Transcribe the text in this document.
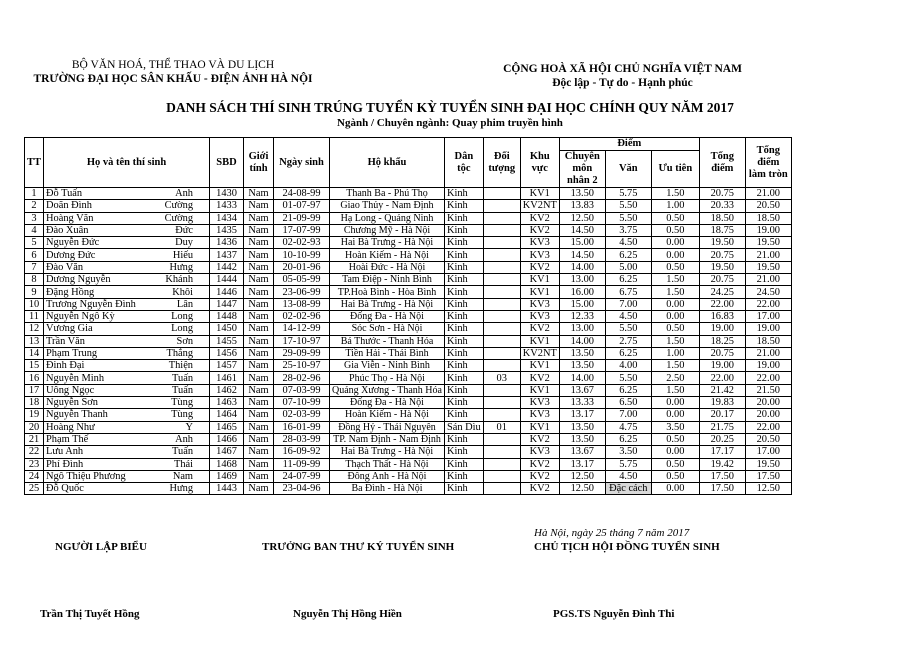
BỘ VĂN HOÁ, THỂ THAO VÀ DU LỊCH
TRƯỜNG ĐẠI HỌC SÂN KHẤU - ĐIỆN ẢNH HÀ NỘI
CỘNG HOÀ XÃ HỘI CHỦ NGHĨA VIỆT NAM
Độc lập - Tự do - Hạnh phúc
DANH SÁCH THÍ SINH TRÚNG TUYỂN KỲ TUYỂN SINH ĐẠI HỌC CHÍNH QUY NĂM 2017
Ngành / Chuyên ngành: Quay phim truyền hình
TT	Họ và tên thí sinh	SBD	Giới tính	Ngày sinh	Hộ khẩu	Dân tộc	Đối tượng	Khu vực	Điểm			Tổng điểm	Tổng điểm làm tròn
									Chuyên môn nhân 2	Văn	Ưu tiên		
1	Đỗ Tuấn Anh	1430	Nam	24-08-99	Thanh Ba - Phú Thọ	Kinh		KV1	13.50	5.75	1.50	20.75	21.00
2	Doãn Đình Cường	1433	Nam	01-07-97	Giao Thủy - Nam Định	Kinh		KV2NT	13.83	5.50	1.00	20.33	20.50
3	Hoàng Văn Cường	1434	Nam	21-09-99	Hạ Long - Quảng Ninh	Kinh		KV2	12.50	5.50	0.50	18.50	18.50
4	Đào Xuân Đức	1435	Nam	17-07-99	Chương Mỹ - Hà Nội	Kinh		KV2	14.50	3.75	0.50	18.75	19.00
5	Nguyễn Đức Duy	1436	Nam	02-02-93	Hai Bà Trưng - Hà Nội	Kinh		KV3	15.00	4.50	0.00	19.50	19.50
6	Dương Đức Hiếu	1437	Nam	10-10-99	Hoàn Kiếm - Hà Nội	Kinh		KV3	14.50	6.25	0.00	20.75	21.00
7	Đào Văn Hưng	1442	Nam	20-01-96	Hoài Đức - Hà Nội	Kinh		KV2	14.00	5.00	0.50	19.50	19.50
8	Dương Nguyễn Khánh	1444	Nam	05-05-99	Tam Điệp - Ninh Bình	Kinh		KV1	13.00	6.25	1.50	20.75	21.00
9	Đặng Hồng Khôi	1446	Nam	23-06-99	TP.Hoà Bình - Hòa Bình	Kinh		KV1	16.00	6.75	1.50	24.25	24.50
10	Trương Nguyễn Đình Lân	1447	Nam	13-08-99	Hai Bà Trưng - Hà Nội	Kinh		KV3	15.00	7.00	0.00	22.00	22.00
11	Nguyễn Ngô Kỳ Long	1448	Nam	02-02-96	Đống Đa - Hà Nội	Kinh		KV3	12.33	4.50	0.00	16.83	17.00
12	Vương Gia Long	1450	Nam	14-12-99	Sóc Sơn - Hà Nội	Kinh		KV2	13.00	5.50	0.50	19.00	19.00
13	Trần Văn Sơn	1455	Nam	17-10-97	Bá Thước - Thanh Hóa	Kinh		KV1	14.00	2.75	1.50	18.25	18.50
14	Phạm Trung Thắng	1456	Nam	29-09-99	Tiền Hải - Thái Bình	Kinh		KV2NT	13.50	6.25	1.00	20.75	21.00
15	Đinh Đại Thiện	1457	Nam	25-10-97	Gia Viễn - Ninh Bình	Kinh		KV1	13.50	4.00	1.50	19.00	19.00
16	Nguyễn Minh Tuấn	1461	Nam	28-02-96	Phúc Thọ - Hà Nội	Kinh	03	KV2	14.00	5.50	2.50	22.00	22.00
17	Uông Ngọc Tuấn	1462	Nam	07-03-99	Quảng Xương - Thanh Hóa	Kinh		KV1	13.67	6.25	1.50	21.42	21.50
18	Nguyễn Sơn Tùng	1463	Nam	07-10-99	Đống Đa - Hà Nội	Kinh		KV3	13.33	6.50	0.00	19.83	20.00
19	Nguyễn Thanh Tùng	1464	Nam	02-03-99	Hoàn Kiếm - Hà Nội	Kinh		KV3	13.17	7.00	0.00	20.17	20.00
20	Hoàng Như Ý	1465	Nam	16-01-99	Đồng Hỷ - Thái Nguyên	Sán Dìu	01	KV1	13.50	4.75	3.50	21.75	22.00
21	Phạm Thế Anh	1466	Nam	28-03-99	TP. Nam Định - Nam Định	Kinh		KV2	13.50	6.25	0.50	20.25	20.50
22	Lưu Anh Tuấn	1467	Nam	16-09-92	Hai Bà Trưng - Hà Nội	Kinh		KV3	13.67	3.50	0.00	17.17	17.00
23	Phí Đình Thái	1468	Nam	11-09-99	Thạch Thất - Hà Nội	Kinh		KV2	13.17	5.75	0.50	19.42	19.50
24	Ngô Thiệu Phương Nam	1469	Nam	24-07-99	Đông Anh - Hà Nội	Kinh		KV2	12.50	4.50	0.50	17.50	17.50
25	Đỗ Quốc Hưng	1443	Nam	23-04-96	Ba Đình - Hà Nội	Kinh		KV2	12.50	Đặc cách	0.00	17.50	12.50
Hà Nội, ngày 25 tháng 7 năm 2017
NGƯỜI LẬP BIỂU	TRƯỞNG BAN THƯ KÝ TUYỂN SINH	CHỦ TỊCH HỘI ĐỒNG TUYỂN SINH
Trần Thị Tuyết Hồng	Nguyễn Thị Hồng Hiền	PGS.TS Nguyễn Đình Thi
